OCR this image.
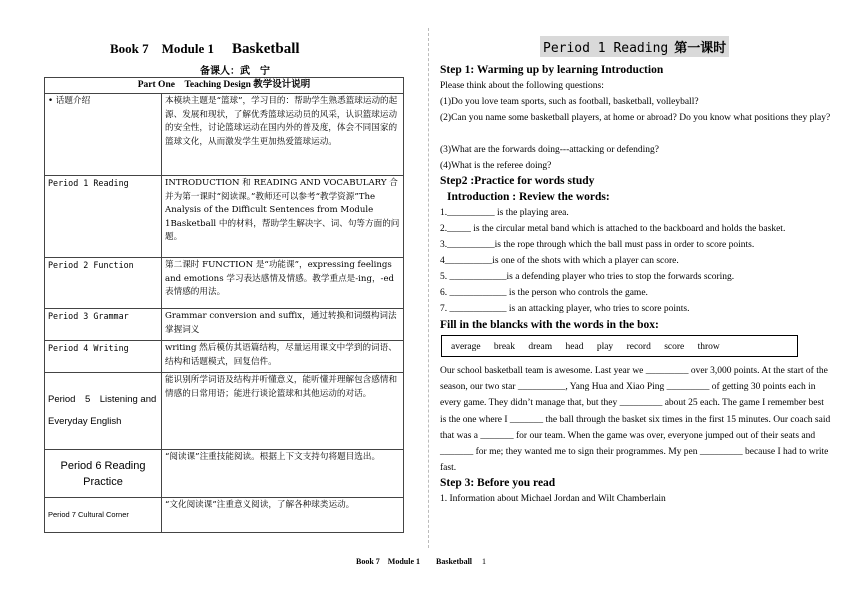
Book 7　Module 1 Basketball
备课人：武　宁
Part One　Teaching Design 教学设计说明	
• 话题介绍	本模块主题是“篮球”，学习目的：帮助学生熟悉篮球运动的起源、发展和现状，了解优秀篮球运动员的风采，认识篮球运动的安全性，讨论篮球运动在国内外的普及度，体会不同国家的篮球文化，从而激发学生更加热爱篮球运动。
Period 1 Reading	INTRODUCTION 和 READING AND VOCABULARY 合并为第一课时“阅读课。”教师还可以参考“教学资源”The Analysis of the Difficult Sentences from Module 1Basketball 中的材料，帮助学生解决字、词、句等方面的问题。
Period 2 Function	第二课时 FUNCTION 是“功能课”，expressing feelings and emotions 学习表达感情及情感。教学重点是-ing，-ed 表情感的用法。
Period 3 Grammar	Grammar conversion and suffix，通过转换和词缀构词法掌握词义
Period 4 Writing	writing 然后模仿其语篇结构，尽量运用课文中学到的词语、结构和话题模式，回复信件。
Period　5　Listening and Everyday English	能识别所学词语及结构并听懂意义，能听懂并理解包含感情和情感的日常用语；能进行谈论篮球和其他运动的对话。
Period 6 Reading Practice	“阅读课”注重技能阅读。根据上下文支持句将题目选出。
Period 7 Cultural Corner	“文化阅读课”注重意义阅读，了解各种球类运动。
Period 1 Reading 第一课时
Step 1: Warming up by learning Introduction
Please think about the following questions:
(1)Do you love team sports, such as football, basketball, volleyball?
(2)Can you name some basketball players, at home or abroad? Do you know what positions they play?
(3)What are the forwards doing---attacking or defending?
(4)What is the referee doing?
Step2 :Practice for words study
Introduction : Review the words:
1.__________ is the playing area.
2._____ is the circular metal band which is attached to the backboard and holds the basket.
3.__________is the rope through which the ball must pass in order to score points.
4__________is one of the shots with which a player can score.
5. ____________is a defending player who tries to stop the forwards scoring.
6. ____________ is the person who controls the game.
7. ____________ is an attacking player, who tries to score points.
Fill in the blancks with the words in the box:
average break dream head play record score throw
Our school basketball team is awesome. Last year we _________ over 3,000 points. At the start of the season, our two star __________, Yang Hua and Xiao Ping _________ of getting 30 points each in every game. They didn’t manage that, but they _________ about 25 each. The game I remember best is the one where I _______ the ball through the basket six times in the first 15 minutes. Our coach said that was a _______ for our team. When the game was over, everyone jumped out of their seats and _______ for me; they wanted me to sign their programmes. My pen _________ because I had to write fast.
Step 3: Before you read
1. Information about Michael Jordan and Wilt Chamberlain
Book 7　Module 1　　Basketball 1
